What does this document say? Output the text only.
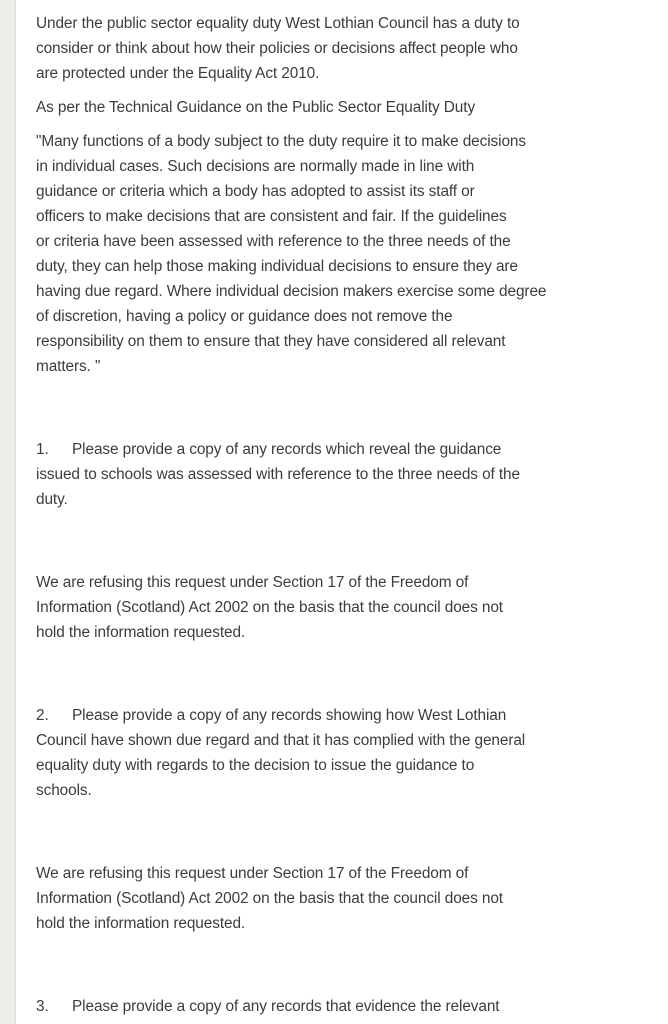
Under the public sector equality duty West Lothian Council has a duty to
consider or think about how their policies or decisions affect people who
are protected under the Equality Act 2010.

As per the Technical Guidance on the Public Sector Equality Duty

"Many functions of a body subject to the duty require it to make decisions
in individual cases. Such decisions are normally made in line with
guidance or criteria which a body has adopted to assist its staff or
officers to make decisions that are consistent and fair. If the guidelines
or criteria have been assessed with reference to the three needs of the
duty, they can help those making individual decisions to ensure they are
having due regard. Where individual decision makers exercise some degree
of discretion, having a policy or guidance does not remove the
responsibility on them to ensure that they have considered all relevant
matters. "

1. Please provide a copy of any records which reveal the guidance
issued to schools was assessed with reference to the three needs of the
duty.

We are refusing this request under Section 17 of the Freedom of
Information (Scotland) Act 2002 on the basis that the council does not
hold the information requested.

2. Please provide a copy of any records showing how West Lothian
Council have shown due regard and that it has complied with the general
equality duty with regards to the decision to issue the guidance to
schools.

We are refusing this request under Section 17 of the Freedom of
Information (Scotland) Act 2002 on the basis that the council does not
hold the information requested.

3. Please provide a copy of any records that evidence the relevant
